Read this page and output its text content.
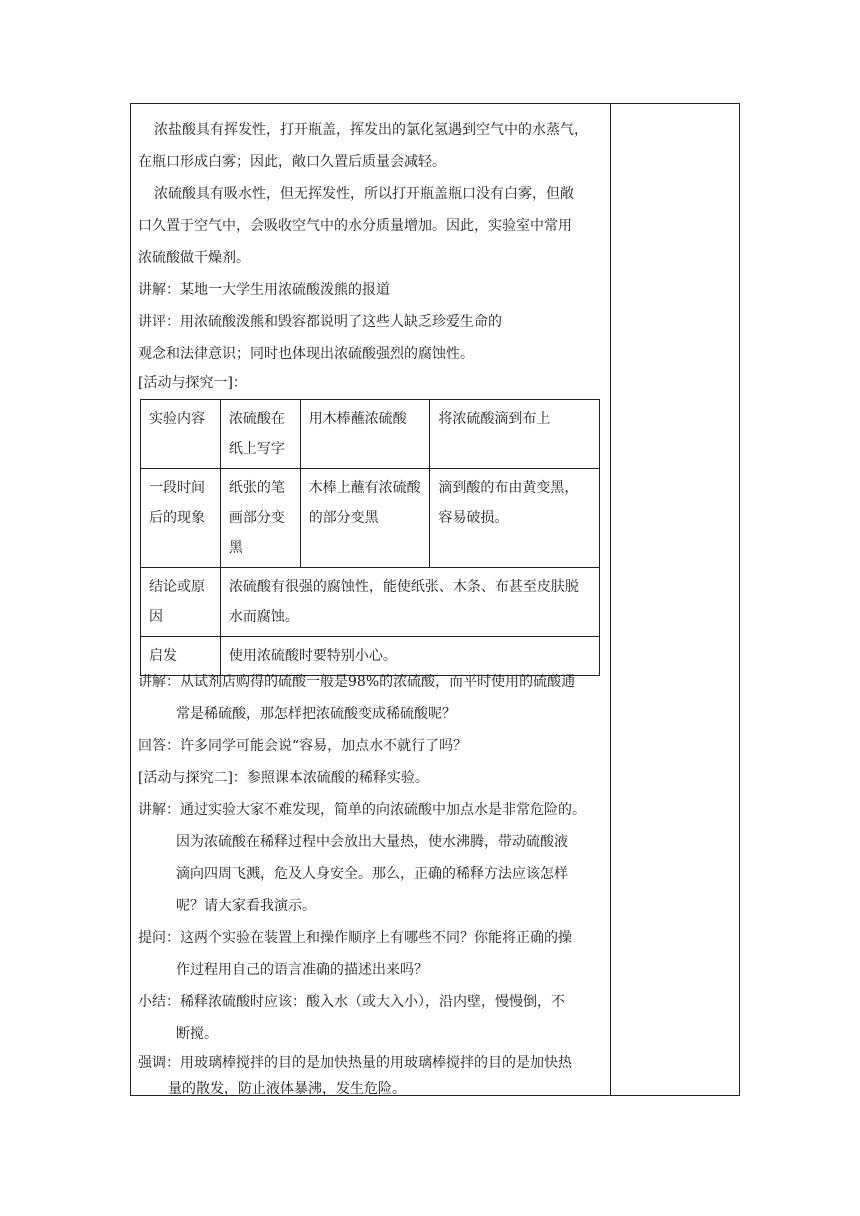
浓盐酸具有挥发性，打开瓶盖，挥发出的氯化氢遇到空气中的水蒸气，

在瓶口形成白雾；因此，敞口久置后质量会减轻。

浓硫酸具有吸水性，但无挥发性，所以打开瓶盖瓶口没有白雾，但敞

口久置于空气中，会吸收空气中的水分质量增加。因此，实验室中常用

浓硫酸做干燥剂。

讲解：某地一大学生用浓硫酸泼熊的报道

讲评：用浓硫酸泼熊和毁容都说明了这些人缺乏珍爱生命的

观念和法律意识；同时也体现出浓硫酸强烈的腐蚀性。

[活动与探究一]：

实验内容	浓硫酸在纸上写字	用木棒蘸浓硫酸	将浓硫酸滴到布上
一段时间后的现象	纸张的笔画部分变黑	木棒上蘸有浓硫酸的部分变黑	滴到酸的布由黄变黑，容易破损。
结论或原因	浓硫酸有很强的腐蚀性，能使纸张、木条、布甚至皮肤脱水而腐蚀。		
启发	使用浓硫酸时要特别小心。		

讲解：从试剂店购得的硫酸一般是98%的浓硫酸，而平时使用的硫酸通

常是稀硫酸，那怎样把浓硫酸变成稀硫酸呢？

回答：许多同学可能会说“容易，加点水不就行了吗？

[活动与探究二]：参照课本浓硫酸的稀释实验。

讲解：通过实验大家不难发现，简单的向浓硫酸中加点水是非常危险的。

因为浓硫酸在稀释过程中会放出大量热，使水沸腾，带动硫酸液

滴向四周飞溅，危及人身安全。那么，正确的稀释方法应该怎样

呢？请大家看我演示。

提问：这两个实验在装置上和操作顺序上有哪些不同？你能将正确的操

作过程用自己的语言准确的描述出来吗？

小结：稀释浓硫酸时应该：酸入水（或大入小），沿内壁，慢慢倒，不

断搅。

强调：用玻璃棒搅拌的目的是加快热量的用玻璃棒搅拌的目的是加快热

量的散发，防止液体暴沸，发生危险。
